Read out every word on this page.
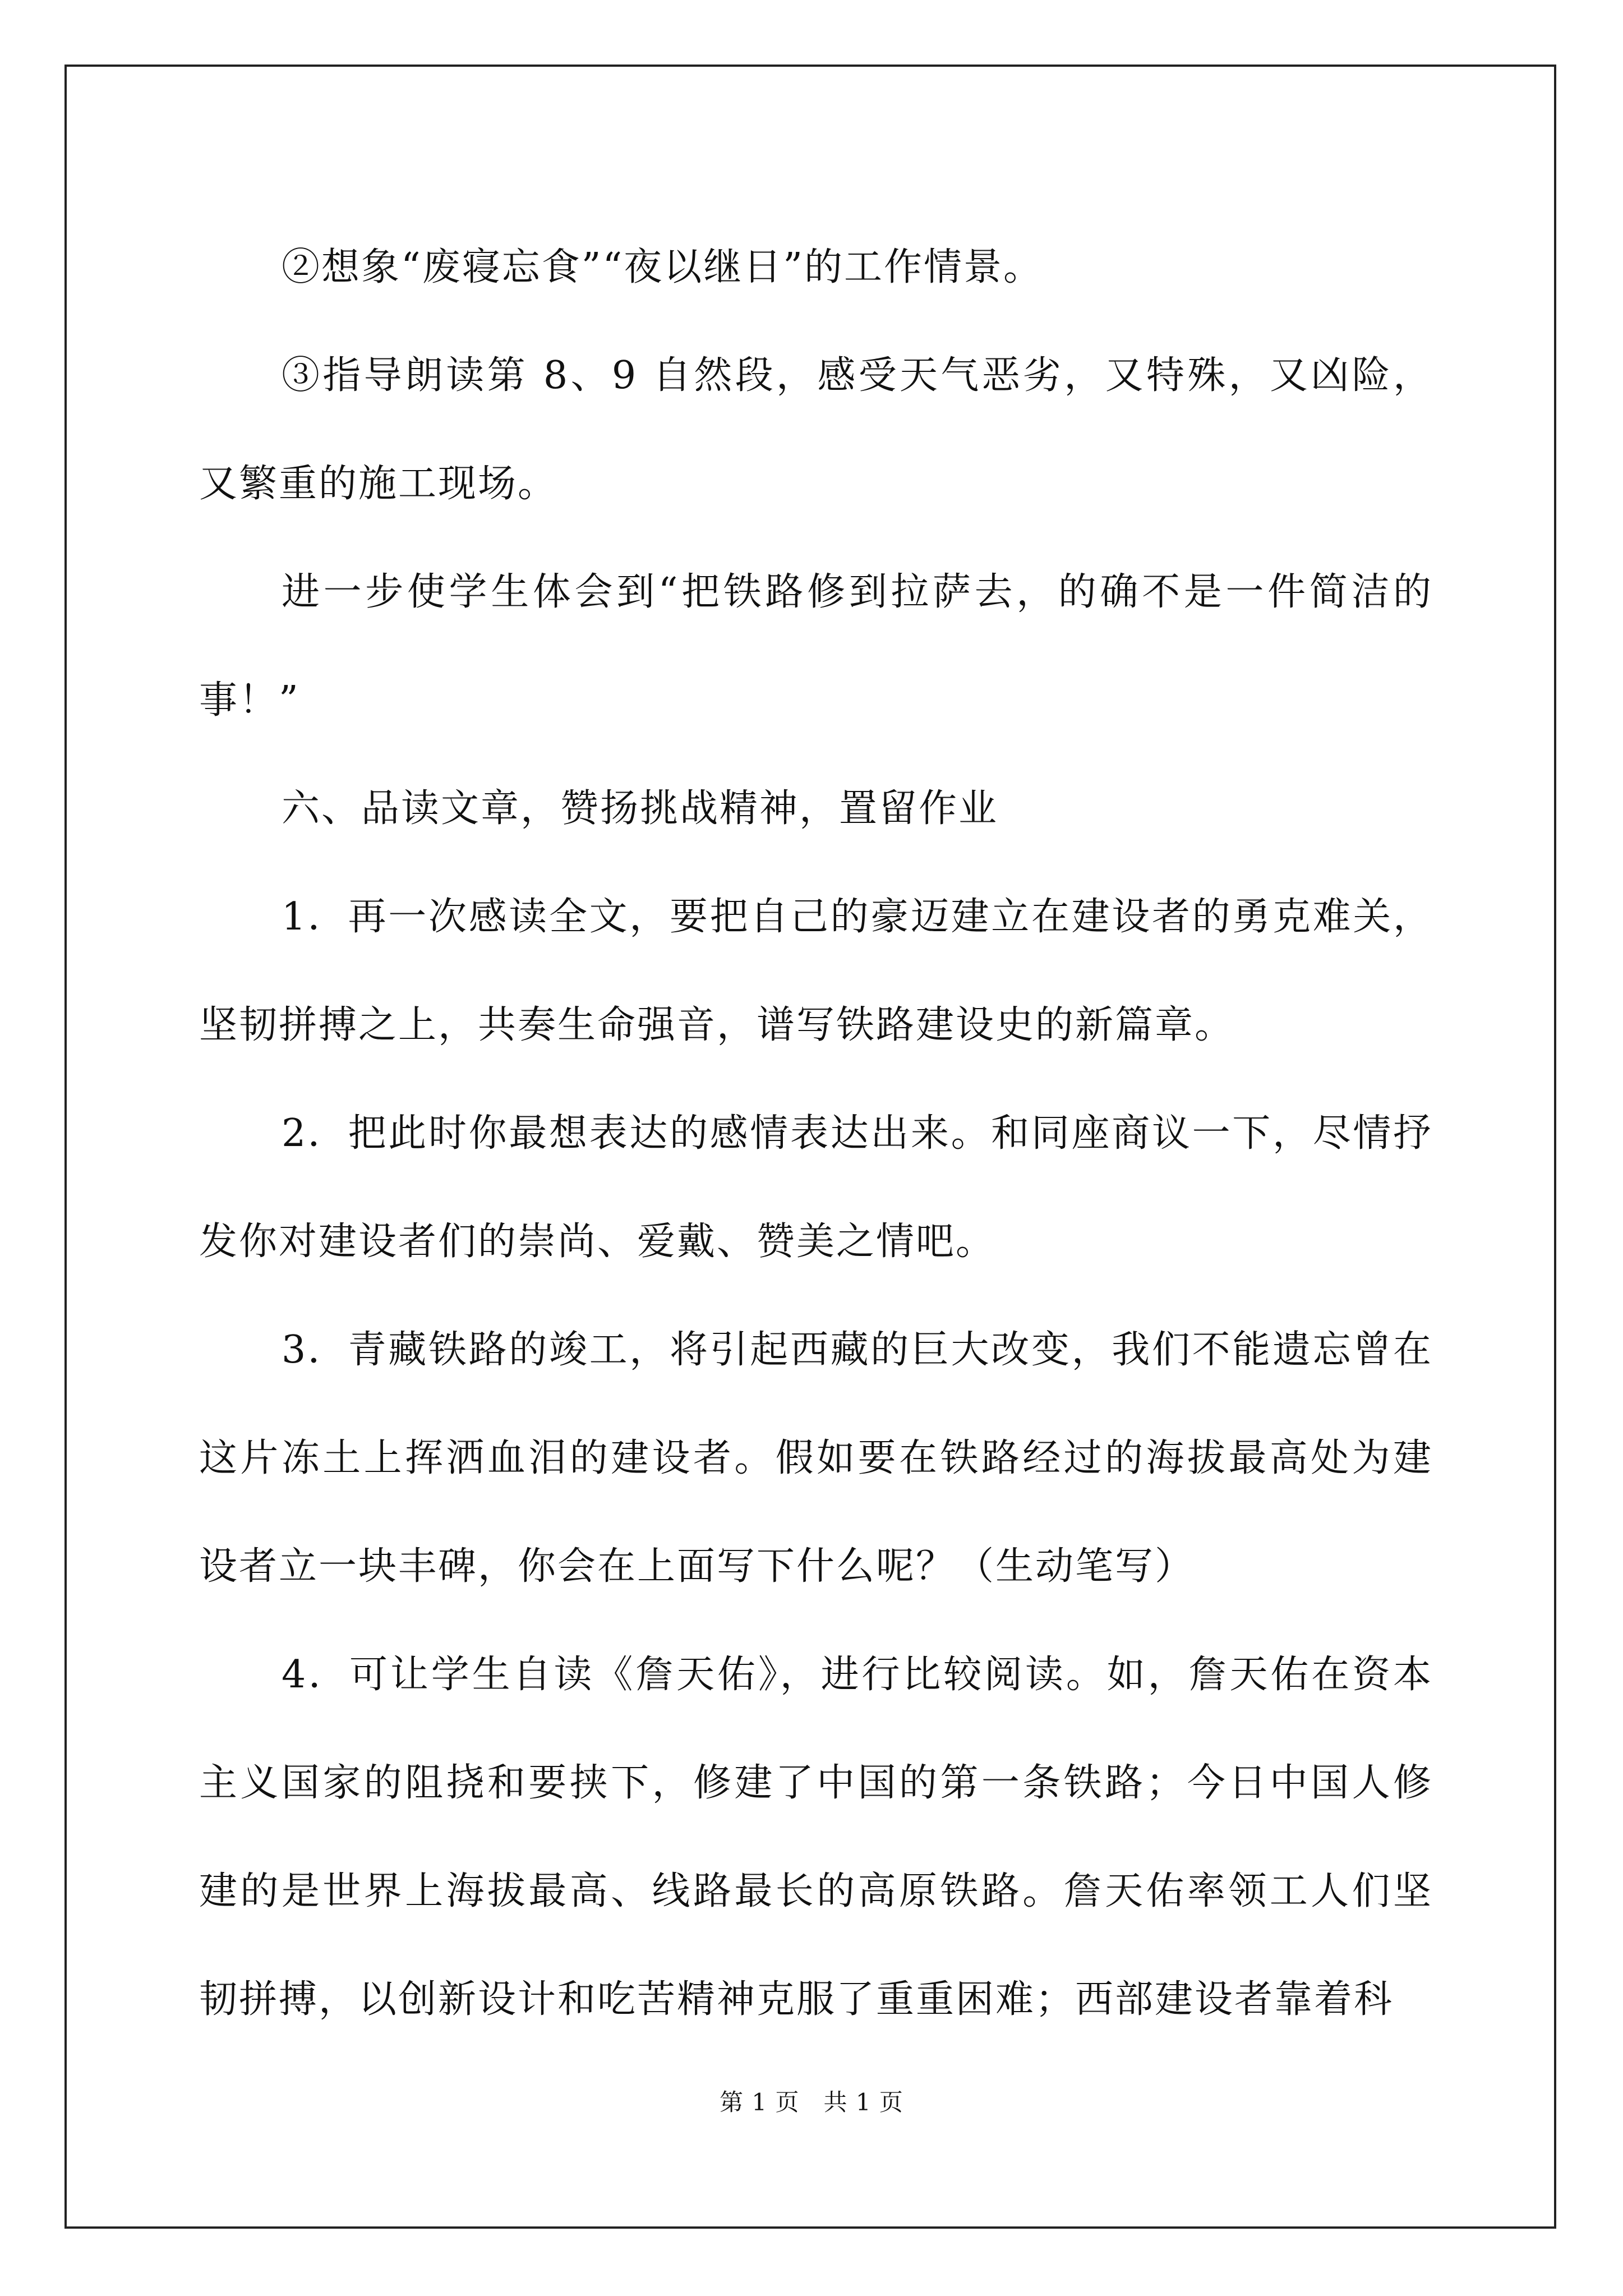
②想象“废寝忘食”“夜以继日”的工作情景。

③指导朗读第 8、9 自然段，感受天气恶劣，又特殊，又凶险，又繁重的施工现场。

进一步使学生体会到“把铁路修到拉萨去，的确不是一件简洁的事！”

六、品读文章，赞扬挑战精神，置留作业

1．再一次感读全文，要把自己的豪迈建立在建设者的勇克难关，坚韧拼搏之上，共奏生命强音，谱写铁路建设史的新篇章。

2．把此时你最想表达的感情表达出来。和同座商议一下，尽情抒发你对建设者们的崇尚、爱戴、赞美之情吧。

3．青藏铁路的竣工，将引起西藏的巨大改变，我们不能遗忘曾在这片冻土上挥洒血泪的建设者。假如要在铁路经过的海拔最高处为建设者立一块丰碑，你会在上面写下什么呢？（生动笔写）

4．可让学生自读《詹天佑》，进行比较阅读。如，詹天佑在资本主义国家的阻挠和要挟下，修建了中国的第一条铁路；今日中国人修建的是世界上海拔最高、线路最长的高原铁路。詹天佑率领工人们坚韧拼搏，以创新设计和吃苦精神克服了重重困难；西部建设者靠着科

第 1 页　共 1 页
